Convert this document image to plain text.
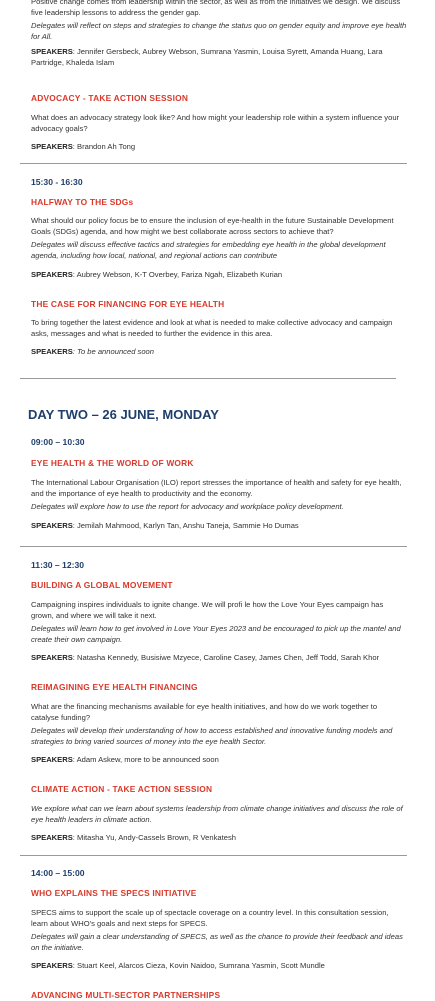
Positive change comes from leadership within the sector, as well as from the initiatives we design. We discuss five leadership lessons to address the gender gap.

Delegates will reflect on steps and strategies to change the status quo on gender equity and improve eye health for All.

SPEAKERS: Jennifer Gersbeck, Aubrey Webson, Sumrana Yasmin, Louisa Syrett, Amanda Huang, Lara Partridge, Khaleda Islam

ADVOCACY - TAKE ACTION SESSION

What does an advocacy strategy look like? And how might your leadership role within a system influence your advocacy goals?

SPEAKERS: Brandon Ah Tong

15:30 - 16:30

HALFWAY TO THE SDGs

What should our policy focus be to ensure the inclusion of eye-health in the future Sustainable Development Goals (SDGs) agenda, and how might we best collaborate across sectors to achieve that?

Delegates will discuss effective tactics and strategies for embedding eye health in the global development agenda, including how local, national, and regional actions can contribute

SPEAKERS: Aubrey Webson, K-T Overbey, Fariza Ngah, Elizabeth Kurian

THE CASE FOR FINANCING FOR EYE HEALTH

To bring together the latest evidence and look at what is needed to make collective advocacy and campaign asks, messages and what is needed to further the evidence in this area.

SPEAKERS: To be announced soon

DAY TWO – 26 JUNE, MONDAY

09:00 – 10:30

EYE HEALTH & THE WORLD OF WORK

The International Labour Organisation (ILO) report stresses the importance of health and safety for eye health, and the importance of eye health to productivity and the economy.

Delegates will explore how to use the report for advocacy and workplace policy development.

SPEAKERS: Jemilah Mahmood, Karlyn Tan, Anshu Taneja, Sammie Ho Dumas

11:30 – 12:30

BUILDING A GLOBAL MOVEMENT

Campaigning inspires individuals to ignite change. We will profi le how the Love Your Eyes campaign has grown, and where we will take it next.

Delegates will learn how to get involved in Love Your Eyes 2023 and be encouraged to pick up the mantel and create their own campaign.

SPEAKERS: Natasha Kennedy, Busisiwe Mzyece, Caroline Casey, James Chen, Jeff Todd, Sarah Khor

REIMAGINING EYE HEALTH FINANCING

What are the financing mechanisms available for eye health initiatives, and how do we work together to catalyse funding?

Delegates will develop their understanding of how to access established and innovative funding models and strategies to bring varied sources of money into the eye health Sector.

SPEAKERS: Adam Askew, more to be announced soon

CLIMATE ACTION - TAKE ACTION SESSION

We explore what can we learn about systems leadership from climate change initiatives and discuss the role of eye health leaders in climate action.

SPEAKERS: Mitasha Yu, Andy-Cassels Brown, R Venkatesh

14:00 – 15:00

WHO EXPLAINS THE SPECS INITIATIVE

SPECS aims to support the scale up of spectacle coverage on a country level. In this consultation session, learn about WHO's goals and next steps for SPECS.

Delegates will gain a clear understanding of SPECS, as well as the chance to provide their feedback and ideas on the initiative.

SPEAKERS: Stuart Keel, Alarcos Cieza, Kovin Naidoo, Sumrana Yasmin, Scott Mundle

ADVANCING MULTI-SECTOR PARTNERSHIPS
